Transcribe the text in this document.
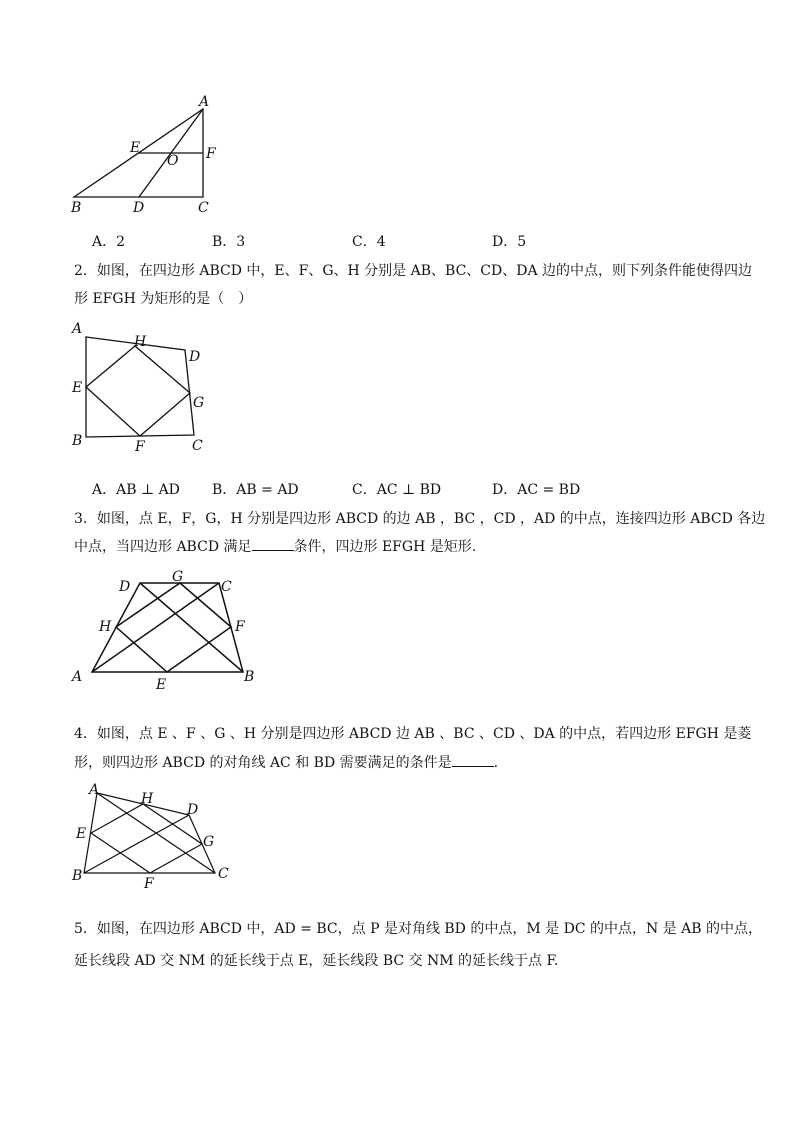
A
E
O F
B	D	C
A．2	B．3	C．4	D．5
2．如图，在四边形 ABCD 中，E、F、G、H 分别是 AB、BC、CD、DA 边的中点，则下列条件能使得四边
形 EFGH 为矩形的是（　）
A
H
D
E
G
B	F	C
A．AB ⊥ AD B．AB = AD	C．AC ⊥ BD	D．AC = BD
3．如图，点 E，F，G，H 分别是四边形 ABCD 的边 AB ，BC ，CD ，AD 的中点，连接四边形 ABCD 各边
中点，当四边形 ABCD 满足	条件，四边形 EFGH 是矩形.
D
G
C
H	F
A	E	B
4．如图，点 E 、F 、G 、H 分别是四边形 ABCD 边 AB 、BC 、CD 、DA 的中点，若四边形 EFGH 是菱
形，则四边形 ABCD 的对角线 AC 和 BD 需要满足的条件是	.
A
H
D
E	G
B	F
C
5．如图，在四边形 ABCD 中，AD = BC，点 P 是对角线 BD 的中点，M 是 DC 的中点，N 是 AB 的中点，
延长线段 AD 交 NM 的延长线于点 E，延长线段 BC 交 NM 的延长线于点 F.
